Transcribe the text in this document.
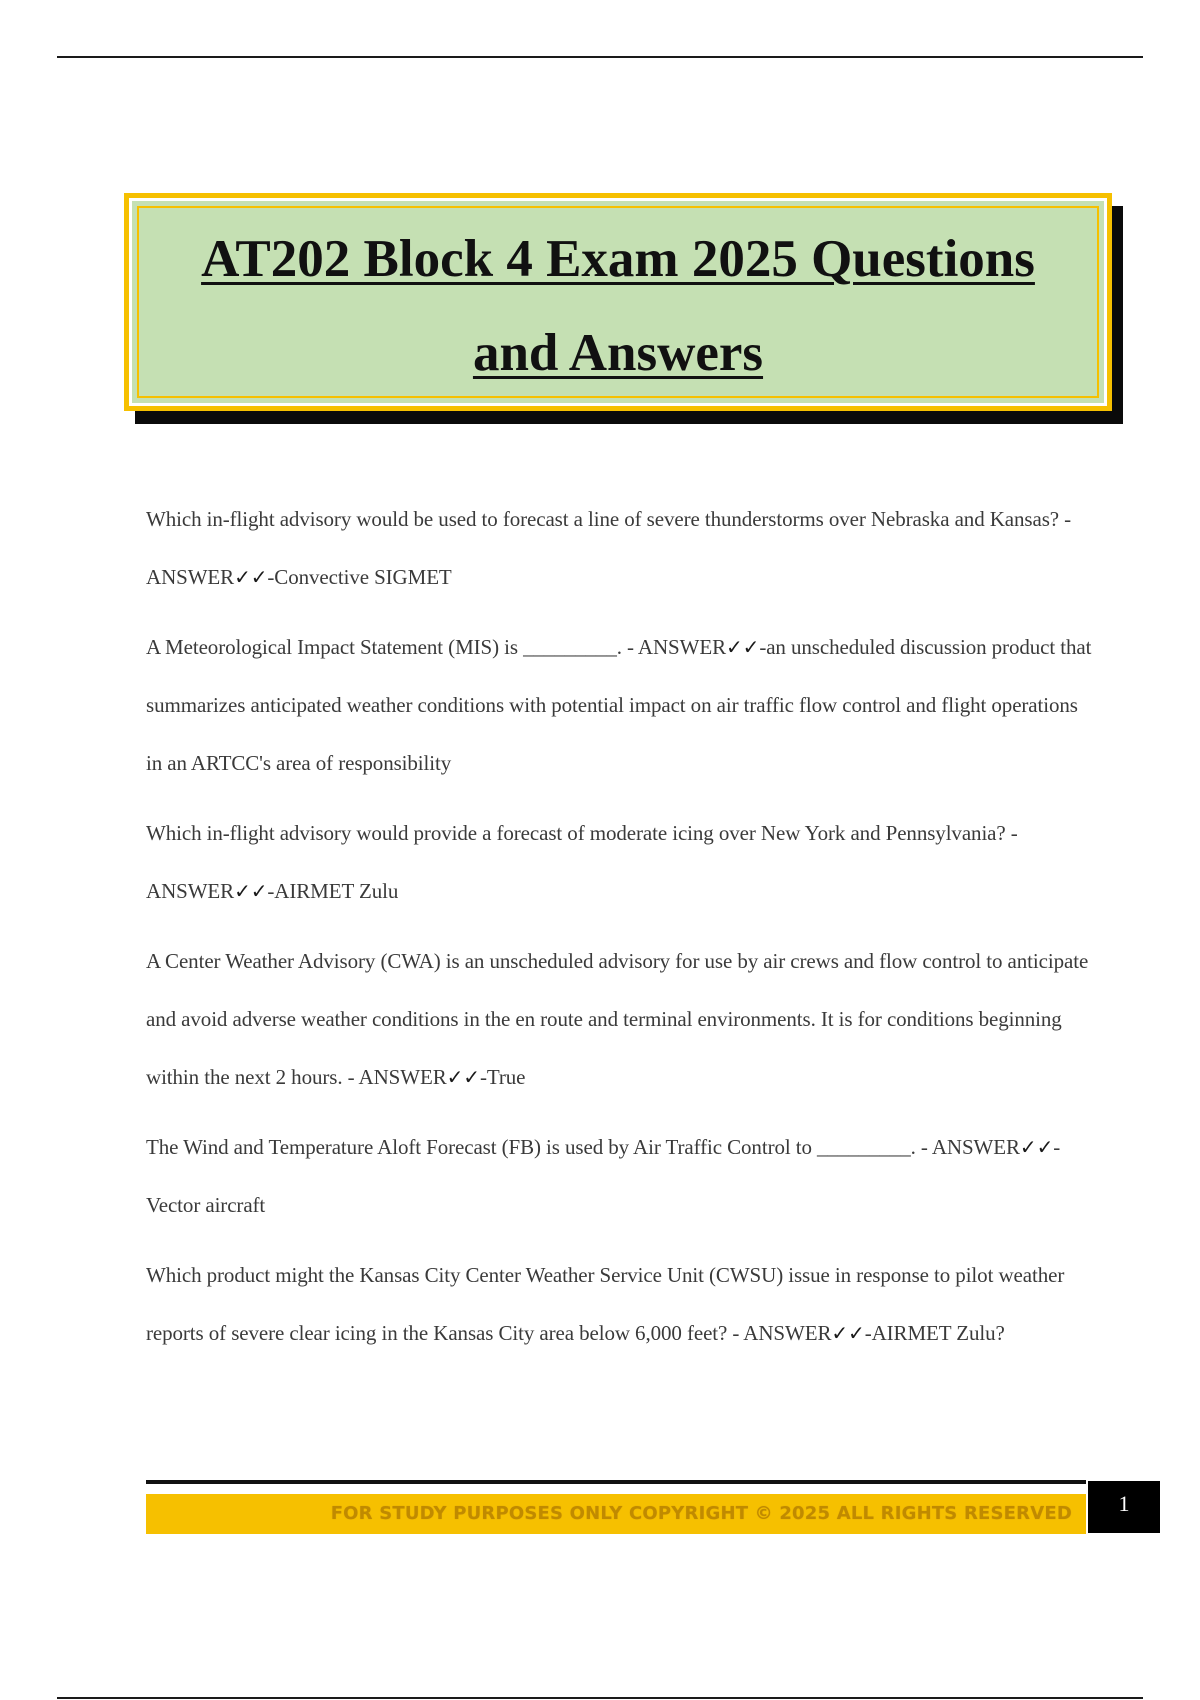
AT202 Block 4 Exam 2025 Questions
and Answers

Which in-flight advisory would be used to forecast a line of severe thunderstorms over Nebraska and Kansas? - ANSWER✓✓-Convective SIGMET

A Meteorological Impact Statement (MIS) is _________. - ANSWER✓✓-an unscheduled discussion product that summarizes anticipated weather conditions with potential impact on air traffic flow control and flight operations in an ARTCC's area of responsibility

Which in-flight advisory would provide a forecast of moderate icing over New York and Pennsylvania? - ANSWER✓✓-AIRMET Zulu

A Center Weather Advisory (CWA) is an unscheduled advisory for use by air crews and flow control to anticipate and avoid adverse weather conditions in the en route and terminal environments. It is for conditions beginning within the next 2 hours. - ANSWER✓✓-True

The Wind and Temperature Aloft Forecast (FB) is used by Air Traffic Control to _________. - ANSWER✓✓-Vector aircraft

Which product might the Kansas City Center Weather Service Unit (CWSU) issue in response to pilot weather reports of severe clear icing in the Kansas City area below 6,000 feet? - ANSWER✓✓-AIRMET Zulu?

FOR STUDY PURPOSES ONLY COPYRIGHT © 2025 ALL RIGHTS RESERVED	1
